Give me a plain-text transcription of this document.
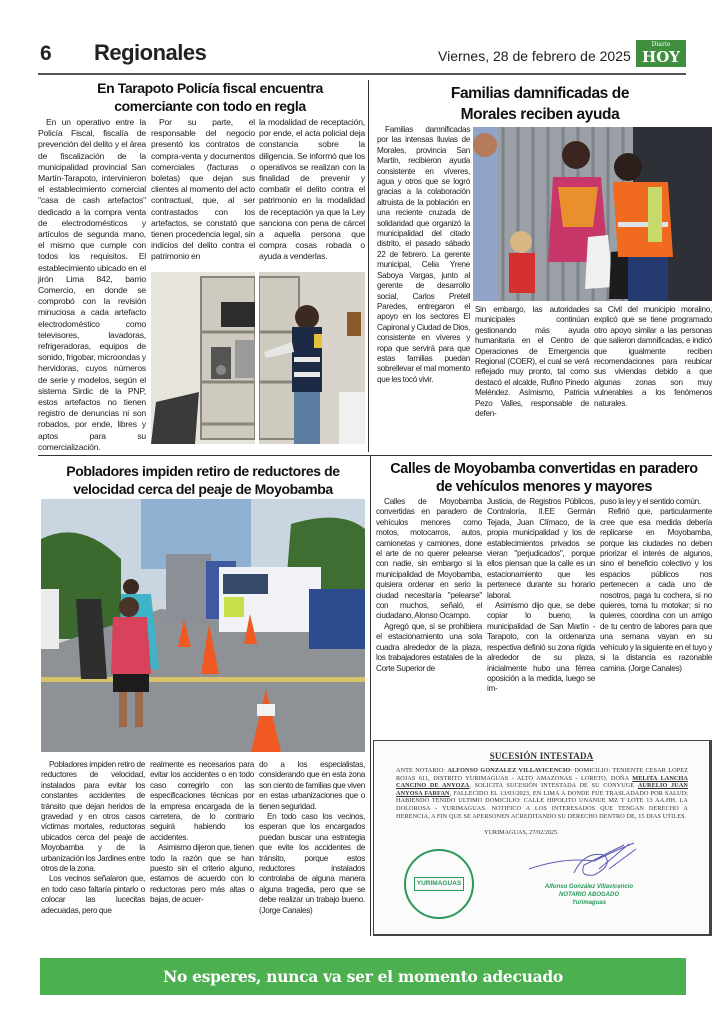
6 Regionales	Viernes, 28 de febrero de 2025
Diario
HOY
En Tarapoto Policía fiscal encuentra
comerciante con todo en regla

En un operativo entre la Policía Fiscal, fiscalía de prevención del delito y el área de fiscalización de la municipalidad provincial San Martín-Tarapoto, intervinieron el establecimiento comercial "casa de cash artefactos" dedicado a la compra venta de electrodomésticos y artículos de segunda mano, el mismo que cumple con todos los requisitos. El establecimiento ubicado en el jirón Lima 842, barrio Comercio, en donde se comprobó con la revisión minuciosa a cada artefacto electrodoméstico como televisores, lavadoras, refrigeradoras, equipos de sonido, frigobar, microondas y hervidoras, cuyos números de serie y modelos, según el sistema Sirdic de la PNP, estos artefactos no tienen registro de denuncias ni son robados, por ende, libres y aptos para su comercialización.

Por su parte, el responsable del negocio presentó los contratos de compra-venta y documentos comerciales (facturas o boletas) que dejan sus clientes al momento del acto contractual, que, al ser contrastados con los artefactos, se constató que tienen procedencia legal, sin indicios del delito contra el patrimonio en

la modalidad de receptación, por ende, el acta policial deja constancia sobre la diligencia. Se informó que los operativos se realizan con la finalidad de prevenir y combatir el delito contra el patrimonio en la modalidad de receptación ya que la Ley sanciona con pena de cárcel a aquella persona que compra cosas robada o ayuda a venderlas.

Familias damnificadas de
Morales reciben ayuda

Familias damnificadas por las intensas lluvias de Morales, provincia San Martín, recibieron ayuda consistente en víveres, agua y otros que se logró gracias a la colaboración altruista de la población en una reciente cruzada de solidaridad que organizó la municipalidad del citado distrito, el pasado sábado 22 de febrero. La gerente municipal, Celia Yrene Saboya Vargas, junto al gerente de desarrollo social, Carlos Pretell Paredes, entregaron el apoyo en los sectores El Capironal y Ciudad de Dios, consistente en víveres y ropa que servirá para que estas familias puedan sobrellevar el mal momento que les tocó vivir.

Sin embargo, las autoridades municipales continúan gestionando más ayuda humanitaria en el Centro de Operaciones de Emergencia Regional (COER), el cual se verá reflejado muy pronto, tal como destacó el alcalde, Rufino Pinedo Meléndez. Asímismo, Patricia Pezo Valles, responsable de defen-

sa Civil del municipio moralino, explicó que se tiene programado otro apoyo similar a las personas que salieron damnificadas, e indicó que igualmente reciben recomendaciones para reubicar sus viviendas debido a que algunas zonas son muy vulnerables a los fenómenos naturales.

Pobladores impiden retiro de reductores de
velocidad cerca del peaje de Moyobamba

Pobladores impiden retiro de reductores de velocidad, instalados para evitar los constantes accidentes de tránsito que dejan heridos de gravedad y en otros casos víctimas mortales, reductoras ubicados cerca del peaje de Moyobamba y de la urbanización los Jardines entre otros de la zona.

Los vecinos señalaron que, en todo caso faltaría pintarlo o colocar las lucecitas adecuadas, pero que

realmente es necesarios para evitar los accidentes o en todo caso corregirlo con las especificaciones técnicas por la empresa encargada de la carretera, de lo contrario seguirá habiendo los accidentes.

Asimismo dijeron que, tienen todo la razón que se han puesto sin el criterio alguno, estamos de acuerdo con lo reductoras pero más altas o bajas, de acuer-

do a los especialistas, considerando que en esta zona son ciento de familias que viven en estas urbanizaciones que o tienen seguridad.

En todo caso los vecinos, esperan que los encargados puedan buscar una estrategia que evite los accidentes de tránsito, porque estos reductores instalados controlaba de alguna manera alguna tragedia, pero que se debe realizar un trabajo bueno. (Jorge Canales)

Calles de Moyobamba convertidas en paradero
de vehículos menores y mayores

Calles de Moyobamba convertidas en paradero de vehículos menores como motos, motocarros, autos, camionetas y camiones, done el arte de no querer pelearse con nadie, sin embargo si la municipalidad de Moyobamba, quisiera ordenar en serio la ciudad necesitaría "pelearse" con muchos, señaló, el ciudadano, Alonso Ocampo.

Agregó que, si se prohibiera el estacionamiento una sola cuadra alrededor de la plaza, los trabajadores estatales de la Corte Superior de

Justicia, de Registros Públicos, Contraloría, II.EE Germán Tejada, Juan Clímaco, de la propia municipalidad y los de establecimientos privados se vieran "perjudicados", porque ellos piensan que la calle es un estacionamiento que les pertenece durante su horario laboral.

Asimismo dijo que, se debe copiar lo bueno, la municipalidad de San Martín -Tarapoto, con la ordenanza respectiva definió su zona rígida alrededor de su plaza, inicialmente hubo una férrea oposición a la medida, luego se im-

puso la ley y el sentido común.

Refirió que, particularmente cree que esa medida debería replicarse en Moyobamba, porque las ciudades no deben priorizar el interés de algunos, sino el beneficio colectivo y los espacios públicos nos pertenecen a cada uno de nosotros, paga tu cochera, si no quieres, toma tu motokar; si no quieres, coordina con un amigo de tu centro de labores para que una semana vayan en su vehículo y la siguiente en el tuyo y si la distancia es razonable camina. (Jorge Canales)

SUCESIÓN INTESTADA
ANTE NOTARIO: ALFONSO GONZALEZ VILLAVICENCIO: DOMICILIO: TENIENTE CESAR LOPEZ ROJAS 611, DISTRITO YURIMAGUAS - ALTO AMAZONAS - LORETO, DOÑA MELITA LANCHA CANCINO DE ANYOZA, SOLICITA SUCESIÓN INTESTADA DE SU CONYUGE AURELIO JUAN ANYOSA FARFAN, FALLECIDO EL 13/03/2023, EN LIMA A DONDE FUE TRASLADADO POR SALUD; HABIENDO TENIDO ULTIMO DOMICILIO: CALLE HIPOLITO UNANUE MZ T LOTE 13 AA.HH. LA DOLOROSA - YURIMAGUAS. NOTIFICO A LOS INTERESADOS QUE TENGAN DERECHO A HERENCIA, A FIN QUE SE APERSONEN ACREDITANDO SU DERECHO DENTRO DE, 15 DIAS UTILES.
YURIMAGUAS, 27/02/2025.
YURIMAGUAS	Alfonso González Villavicencio
NOTARIO ABOGADO
Yurimaguas
No esperes, nunca va ser el momento adecuado
